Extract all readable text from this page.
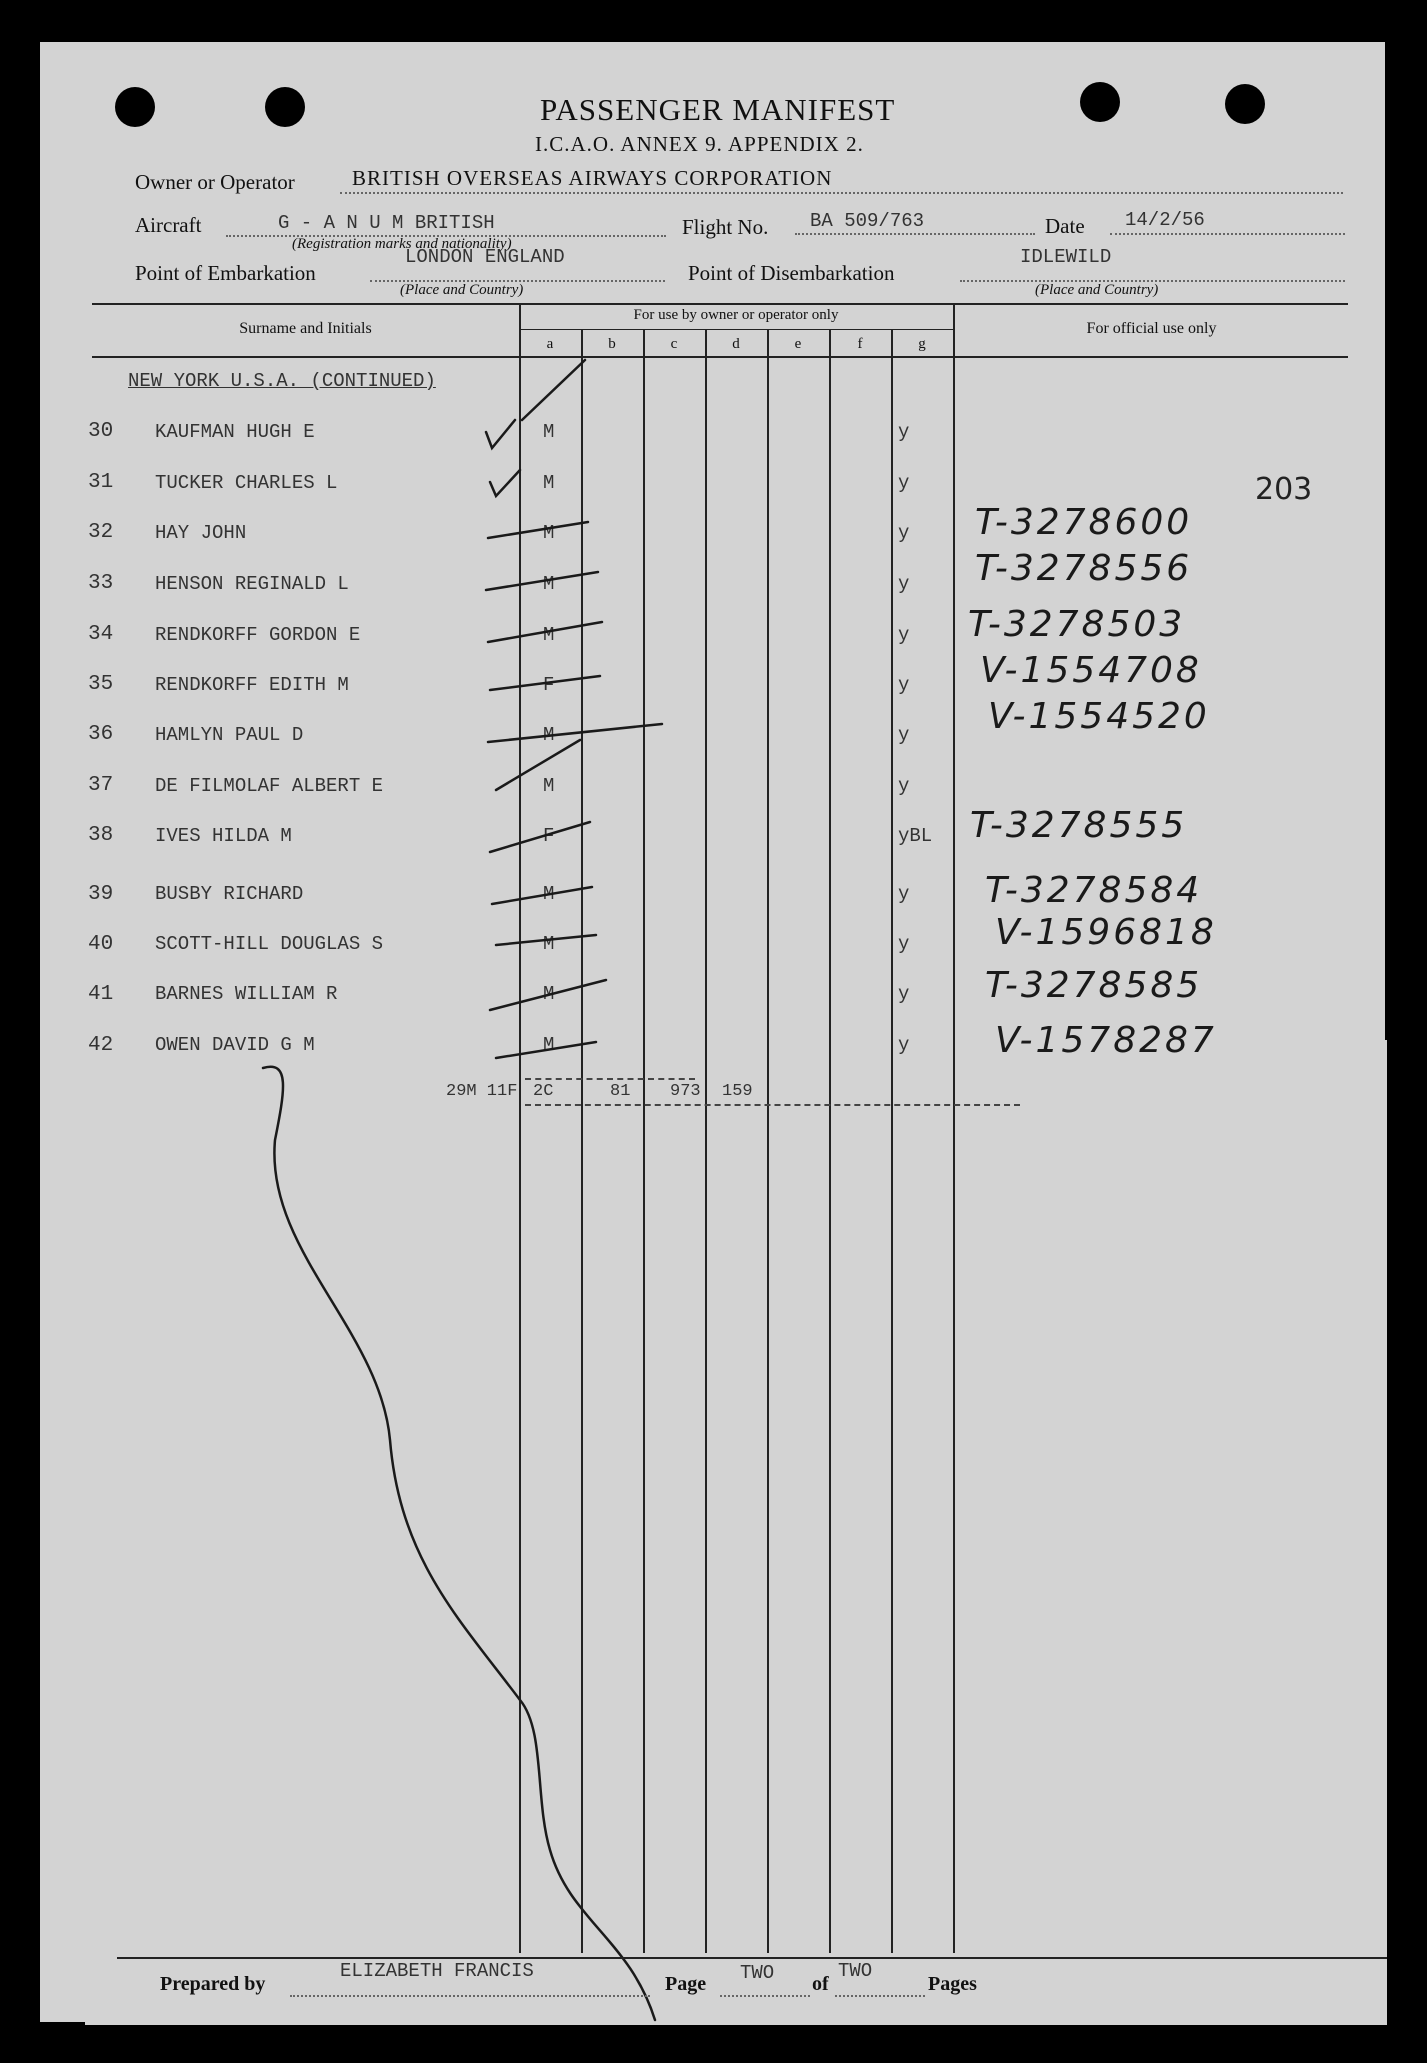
PASSENGER MANIFEST
I.C.A.O. ANNEX 9. APPENDIX 2.
Owner or Operator	BRITISH OVERSEAS AIRWAYS CORPORATION
Aircraft	G - A N U M BRITISH
(Registration marks and nationality)
Flight No. BA 509/763	Date 14/2/56
Point of Embarkation
LONDON ENGLAND
(Place and Country)
Point of Disembarkation
IDLEWILD
(Place and Country)
Surname and Initials
For use by owner or operator only
For official use only
a	b	c	d	e	f	g
NEW YORK U.S.A. (CONTINUED)
203
30 KAUFMAN HUGH E	M	y
31 TUCKER CHARLES L	M	y
32 HAY JOHN	M	y T-3278600
33 HENSON REGINALD L	M	y T-3278556
34 RENDKORFF GORDON E	M	y T-3278503
35 RENDKORFF EDITH M	F	y V-1554708
36 HAMLYN PAUL D	M	y V-1554520
37 DE FILMOLAF ALBERT E	M	y
38 IVES HILDA M	F	yBL T-3278555
39 BUSBY RICHARD	M	y T-3278584
40 SCOTT-HILL DOUGLAS S	M	y V-1596818
41 BARNES WILLIAM R	M	y T-3278585
42 OWEN DAVID G M	M	y V-1578287
29M 11F 2C	81 973 159
Prepared by
ELIZABETH FRANCIS
Page TWO of
TWO
Pages
